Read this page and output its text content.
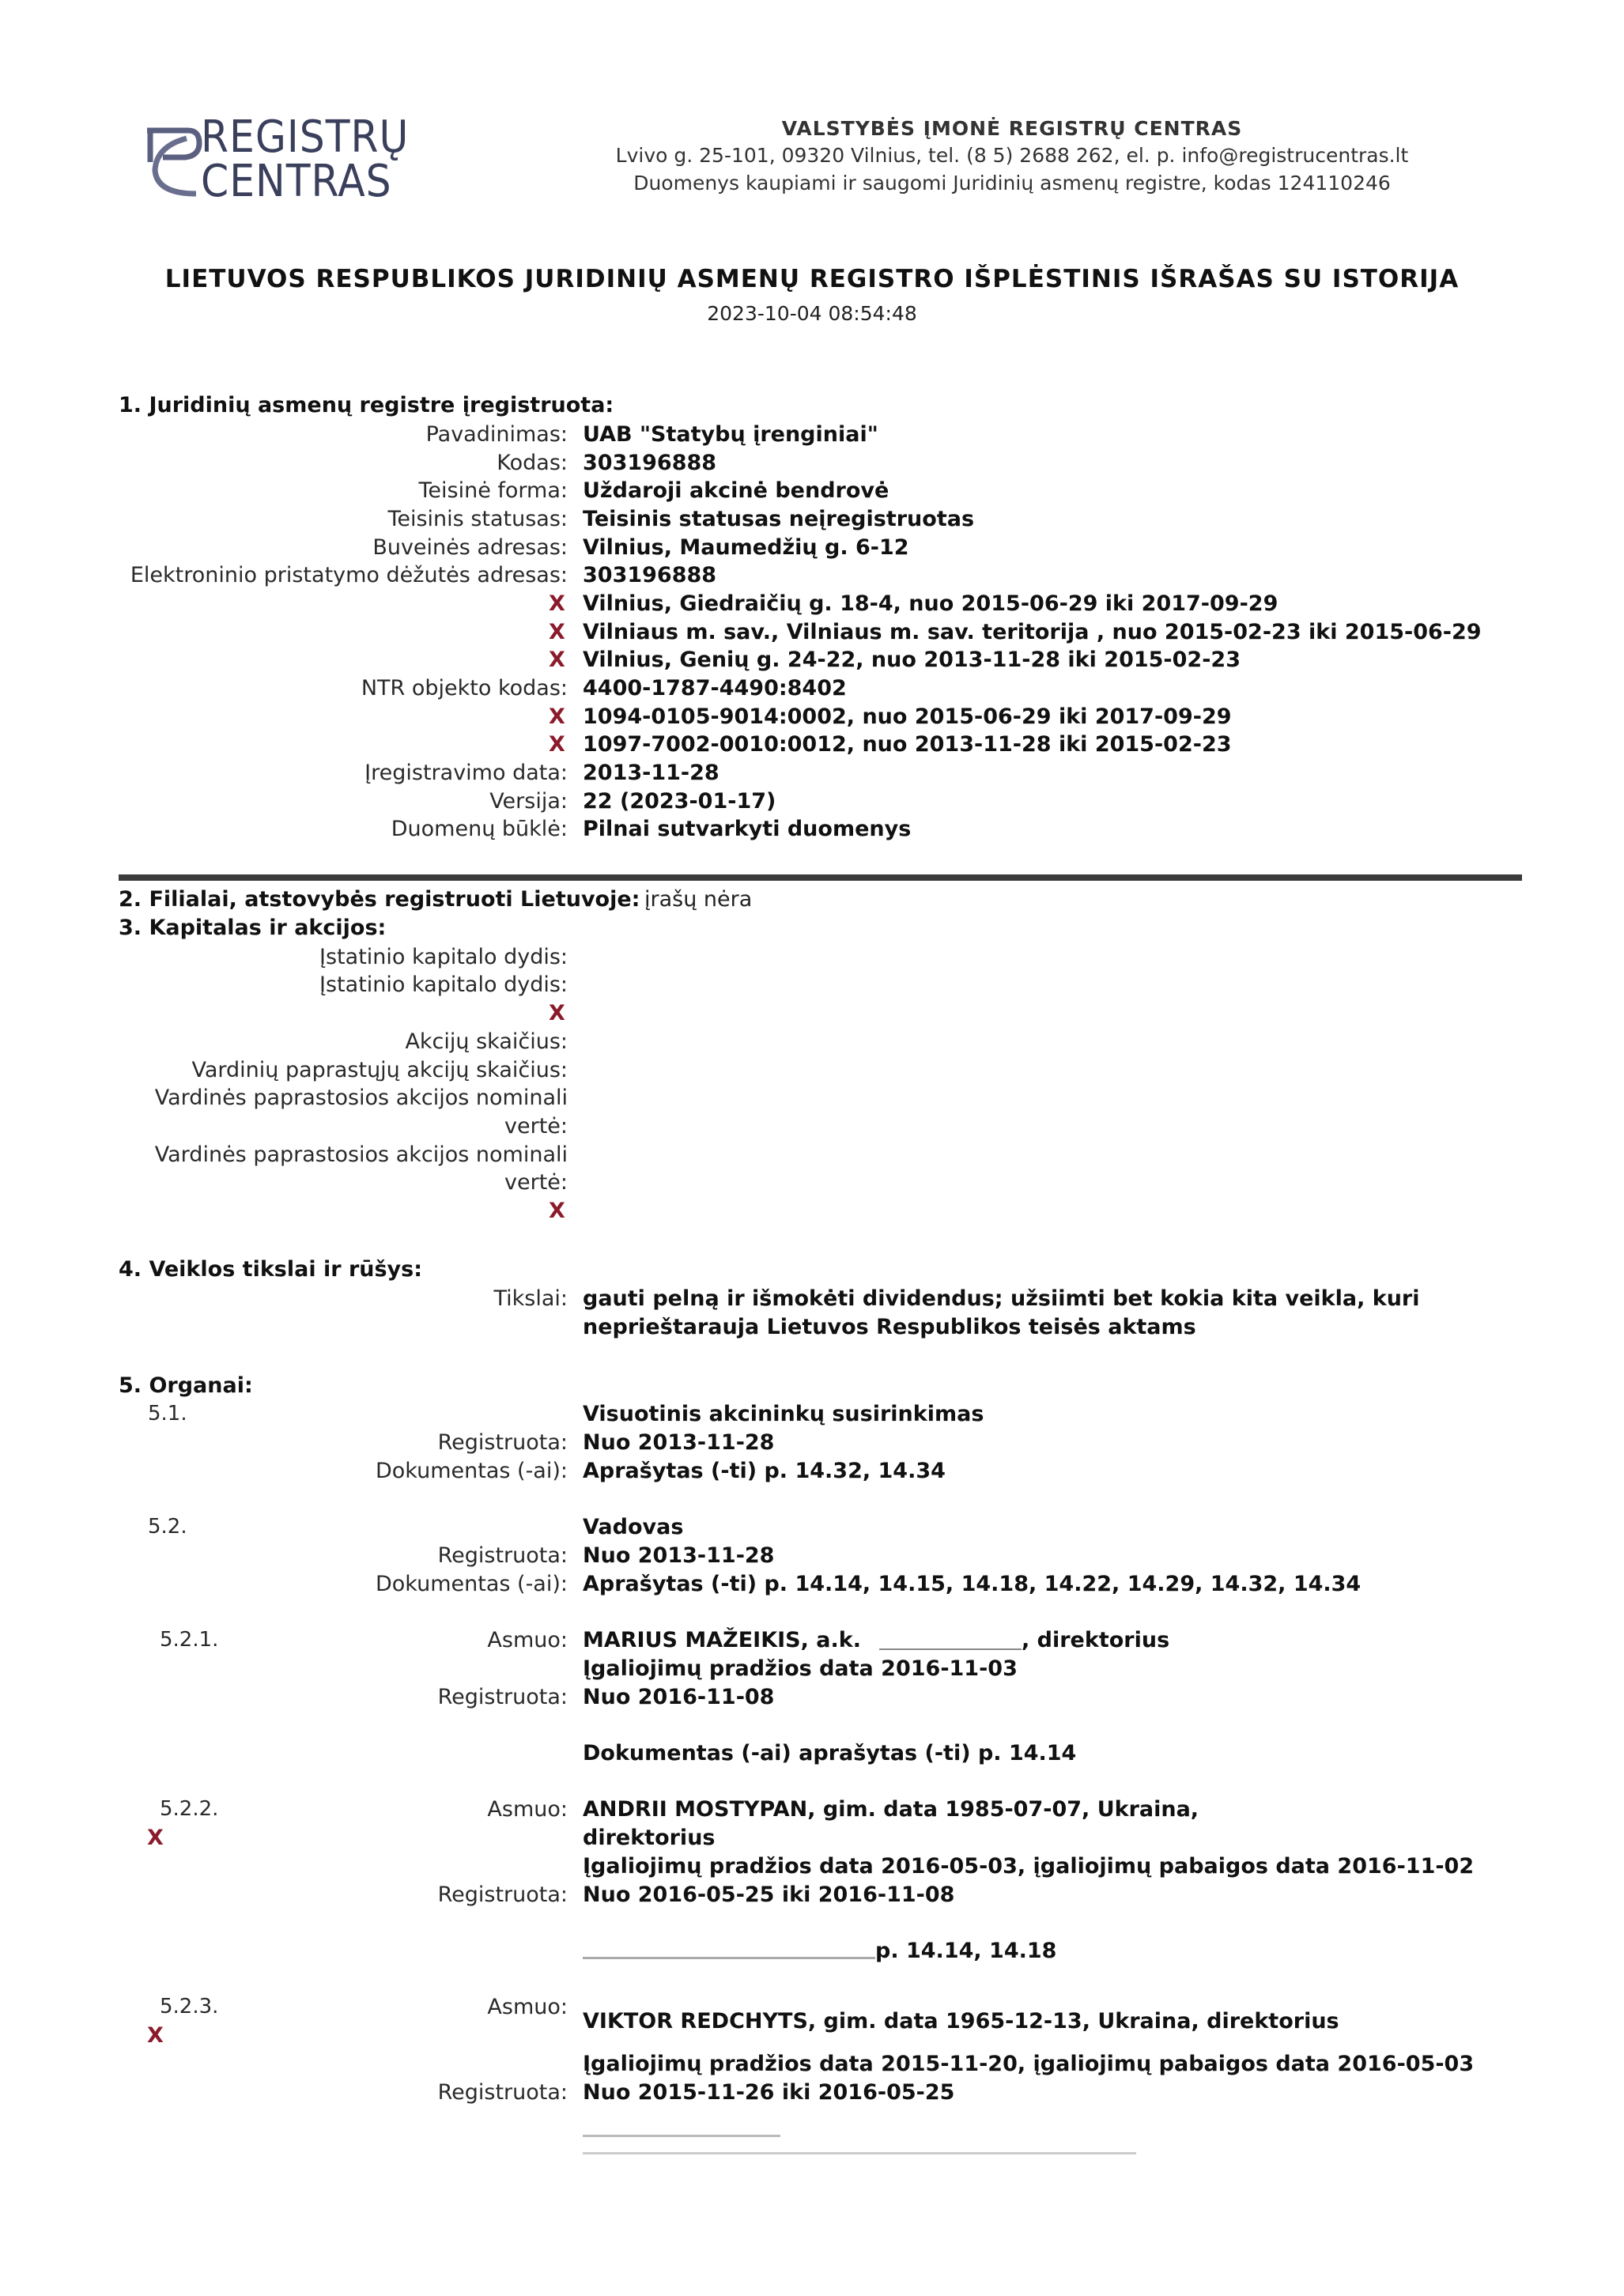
REGISTRŲ
CENTRAS
VALSTYBĖS ĮMONĖ REGISTRŲ CENTRAS
Lvivo g. 25-101, 09320 Vilnius, tel. (8 5) 2688 262, el. p. info@registrucentras.lt
Duomenys kaupiami ir saugomi Juridinių asmenų registre, kodas 124110246
LIETUVOS RESPUBLIKOS JURIDINIŲ ASMENŲ REGISTRO IŠPLĖSTINIS IŠRAŠAS SU ISTORIJA
2023-10-04 08:54:48
1. Juridinių asmenų registre įregistruota:
Pavadinimas: UAB "Statybų įrenginiai"
Kodas: 303196888
Teisinė forma: Uždaroji akcinė bendrovė
Teisinis statusas: Teisinis statusas neįregistruotas
Buveinės adresas: Vilnius, Maumedžių g. 6-12
Elektroninio pristatymo dėžutės adresas: 303196888
X Vilnius, Giedraičių g. 18-4, nuo 2015-06-29 iki 2017-09-29
X Vilniaus m. sav., Vilniaus m. sav. teritorija , nuo 2015-02-23 iki 2015-06-29
X Vilnius, Genių g. 24-22, nuo 2013-11-28 iki 2015-02-23
NTR objekto kodas: 4400-1787-4490:8402
X 1094-0105-9014:0002, nuo 2015-06-29 iki 2017-09-29
X 1097-7002-0010:0012, nuo 2013-11-28 iki 2015-02-23
Įregistravimo data: 2013-11-28
Versija: 22 (2023-01-17)
Duomenų būklė: Pilnai sutvarkyti duomenys
2. Filialai, atstovybės registruoti Lietuvoje: įrašų nėra
3. Kapitalas ir akcijos:
Įstatinio kapitalo dydis:
Įstatinio kapitalo dydis:
X
Akcijų skaičius:
Vardinių paprastųjų akcijų skaičius:
Vardinės paprastosios akcijos nominali
vertė:
Vardinės paprastosios akcijos nominali
vertė:
X
4. Veiklos tikslai ir rūšys:
Tikslai: gauti pelną ir išmokėti dividendus; užsiimti bet kokia kita veikla, kuri
neprieštarauja Lietuvos Respublikos teisės aktams
5. Organai:
5.1.	Visuotinis akcininkų susirinkimas
Registruota: Nuo 2013-11-28
Dokumentas (-ai): Aprašytas (-ti) p. 14.32, 14.34
5.2.	Vadovas
Registruota: Nuo 2013-11-28
Dokumentas (-ai): Aprašytas (-ti) p. 14.14, 14.15, 14.18, 14.22, 14.29, 14.32, 14.34
5.2.1.	Asmuo: MARIUS MAŽEIKIS, a.k.	, direktorius
Įgaliojimų pradžios data 2016-11-03
Registruota: Nuo 2016-11-08
Dokumentas (-ai) aprašytas (-ti) p. 14.14
5.2.2.
X
Asmuo: ANDRII MOSTYPAN, gim. data 1985-07-07, Ukraina,
direktorius
Įgaliojimų pradžios data 2016-05-03, įgaliojimų pabaigos data 2016-11-02
Registruota: Nuo 2016-05-25 iki 2016-11-08
p. 14.14, 14.18
5.2.3.
X
Asmuo:
VIKTOR REDCHYTS, gim. data 1965-12-13, Ukraina, direktorius
Įgaliojimų pradžios data 2015-11-20, įgaliojimų pabaigos data 2016-05-03
Registruota: Nuo 2015-11-26 iki 2016-05-25
